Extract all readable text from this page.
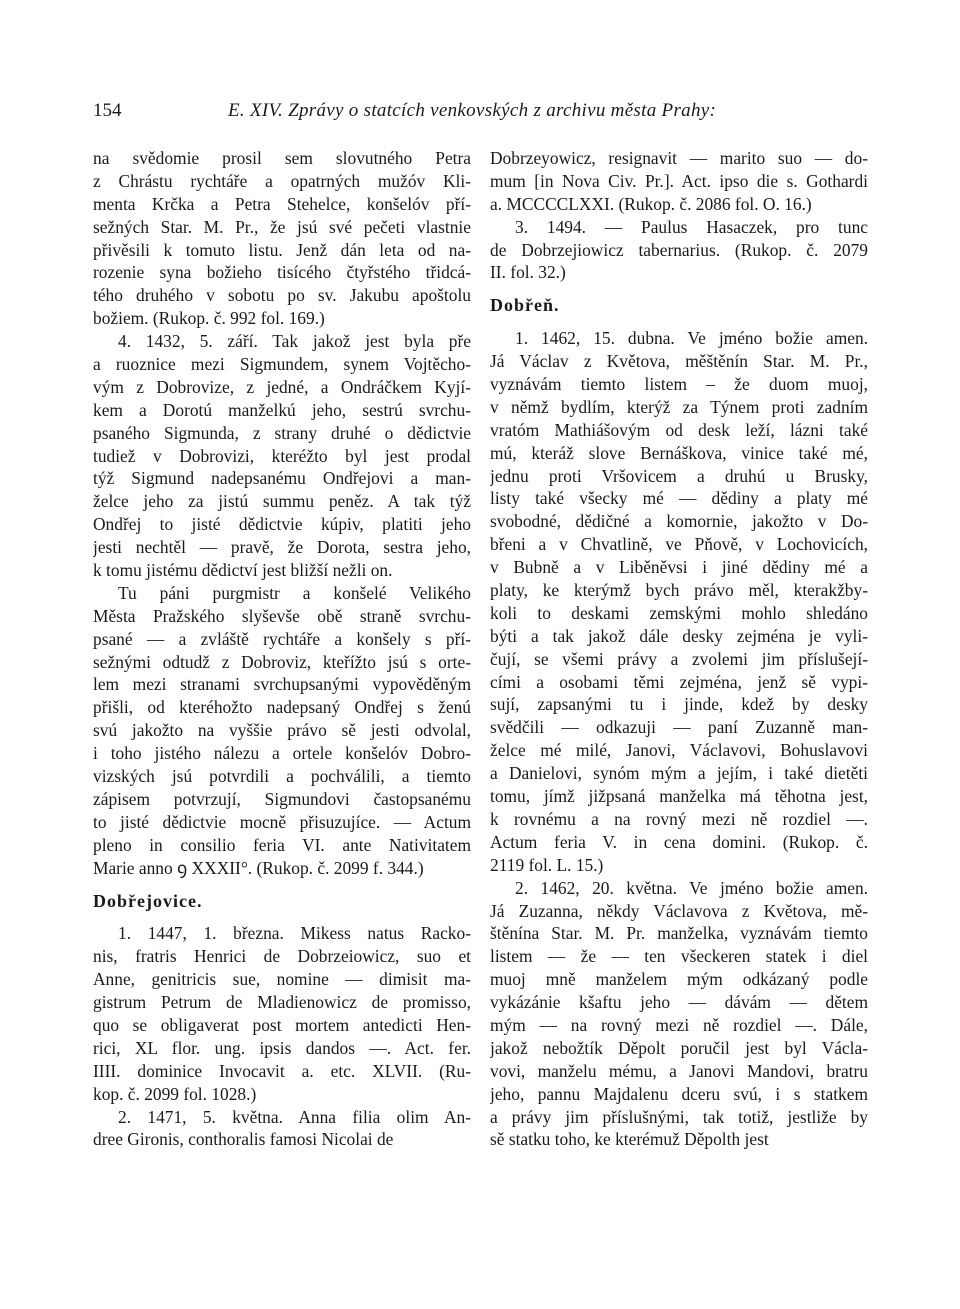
154	E. XIV. Zprávy o statcích venkovských z archivu města Prahy:
na svědomie prosil sem slovutného Petra
z Chrástu rychtáře a opatrných mužóv Kli-
menta Krčka a Petra Stehelce, konšelóv pří-
sežných Star. M. Pr., že jsú své pečeti vlastnie
přivěsili k tomuto listu. Jenž dán leta od na-
rozenie syna božieho tisícého čtyřstého třidcá-
tého druhého v sobotu po sv. Jakubu apoštolu
božiem. (Rukop. č. 992 fol. 169.)
4. 1432, 5. září. Tak jakož jest byla pře
a ruoznice mezi Sigmundem, synem Vojtěcho-
vým z Dobrovize, z jedné, a Ondráčkem Kyjí-
kem a Dorotú manželkú jeho, sestrú svrchu-
psaného Sigmunda, z strany druhé o dědictvie
tudiež v Dobrovizi, kteréžto byl jest prodal
týž Sigmund nadepsanému Ondřejovi a man-
želce jeho za jistú summu peněz. A tak týž
Ondřej to jisté dědictvie kúpiv, platiti jeho
jesti nechtěl — pravě, že Dorota, sestra jeho,
k tomu jistému dědictví jest bližší nežli on.
Tu páni purgmistr a konšelé Velikého
Města Pražského slyševše obě straně svrchu-
psané — a zvláště rychtáře a konšely s pří-
sežnými odtudž z Dobroviz, kteřížto jsú s orte-
lem mezi stranami svrchupsanými vypověděným
přišli, od kteréhožto nadepsaný Ondřej s ženú
svú jakožto na vyššie právo sě jesti odvolal,
i toho jistého nálezu a ortele konšelóv Dobro-
vizských jsú potvrdili a pochválili, a tiemto
zápisem potvrzují, Sigmundovi častopsanému
to jisté dědictvie mocně přisuzujíce. — Actum
pleno in consilio feria VI. ante Nativitatem
Marie anno ꝯ XXXII°. (Rukop. č. 2099 f. 344.)
Dobřejovice.
1. 1447, 1. března. Mikess natus Racko-
nis, fratris Henrici de Dobrzeiowicz, suo et
Anne, genitricis sue, nomine — dimisit ma-
gistrum Petrum de Mladienowicz de promisso,
quo se obligaverat post mortem antedicti Hen-
rici, XL flor. ung. ipsis dandos —. Act. fer.
IIII. dominice Invocavit a. etc. XLVII. (Ru-
kop. č. 2099 fol. 1028.)
2. 1471, 5. května. Anna filia olim An-
dree Gironis, conthoralis famosi Nicolai de
Dobrzeyowicz, resignavit — marito suo — do-
mum [in Nova Civ. Pr.]. Act. ipso die s. Gothardi
a. MCCCCLXXI. (Rukop. č. 2086 fol. O. 16.)
3. 1494. — Paulus Hasaczek, pro tunc
de Dobrzejiowicz tabernarius. (Rukop. č. 2079
II. fol. 32.)
Dobřeň.
1. 1462, 15. dubna. Ve jméno božie amen.
Já Václav z Květova, měštěnín Star. M. Pr.,
vyznávám tiemto listem – že duom muoj,
v němž bydlím, kterýž za Týnem proti zadním
vratóm Mathiášovým od desk leží, lázni také
mú, kteráž slove Bernáškova, vinice také mé,
jednu proti Vršovicem a druhú u Brusky,
listy také všecky mé — dědiny a platy mé
svobodné, dědičné a komornie, jakožto v Do-
břeni a v Chvatlině, ve Pňově, v Lochovicích,
v Bubně a v Liběněvsi i jiné dědiny mé a
platy, ke kterýmž bych právo měl, kterakžby-
koli to deskami zemskými mohlo shledáno
býti a tak jakož dále desky zejména je vyli-
čují, se všemi právy a zvolemi jim příslušejí-
cími a osobami těmi zejména, jenž sě vypi-
sují, zapsanými tu i jinde, kdež by desky
svědčili — odkazuji — paní Zuzanně man-
želce mé milé, Janovi, Václavovi, Bohuslavovi
a Danielovi, synóm mým a jejím, i také dietěti
tomu, jímž jižpsaná manželka má těhotna jest,
k rovnému a na rovný mezi ně rozdiel —.
Actum feria V. in cena domini. (Rukop. č.
2119 fol. L. 15.)
2. 1462, 20. května. Ve jméno božie amen.
Já Zuzanna, někdy Václavova z Květova, mě-
štěnína Star. M. Pr. manželka, vyznávám tiemto
listem — že — ten všeckeren statek i diel
muoj mně manželem mým odkázaný podle
vykázánie kšaftu jeho — dávám — dětem
mým — na rovný mezi ně rozdiel —. Dále,
jakož nebožtík Děpolt poručil jest byl Václa-
vovi, manželu mému, a Janovi Mandovi, bratru
jeho, pannu Majdalenu dceru svú, i s statkem
a právy jim příslušnými, tak totiž, jestliže by
sě statku toho, ke kterémuž Děpolth jest
